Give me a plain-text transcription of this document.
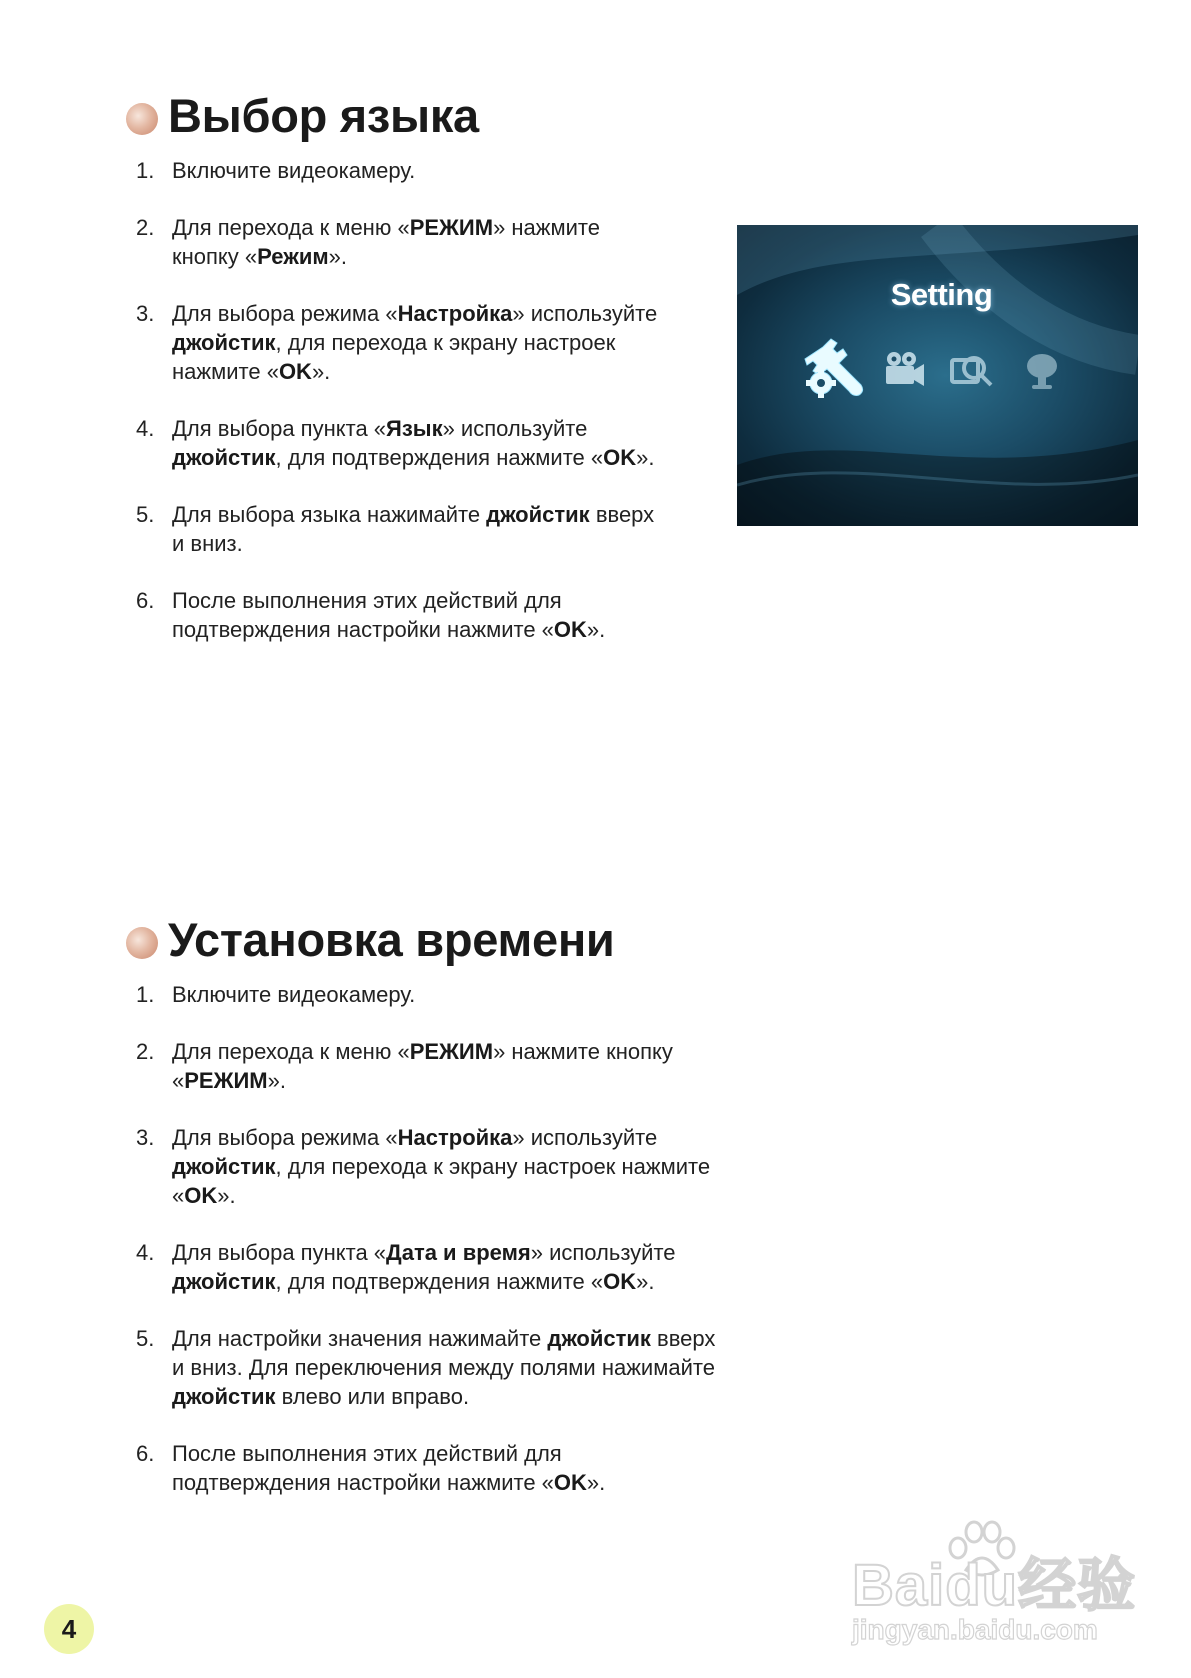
Выбор языка
1. Включите видеокамеру.
2. Для перехода к меню «РЕЖИМ» нажмите
кнопку «Режим».
3. Для выбора режима «Настройка» используйте
джойстик, для перехода к экрану настроек
нажмите «OK».
4. Для выбора пункта «Язык» используйте
джойстик, для подтверждения нажмите «OK».
5. Для выбора языка нажимайте джойстик вверх
и вниз.
6. После выполнения этих действий для
подтверждения настройки нажмите «OK».
Setting
Установка времени
1. Включите видеокамеру.
2. Для перехода к меню «РЕЖИМ» нажмите кнопку
«РЕЖИМ».
3. Для выбора режима «Настройка» используйте
джойстик, для перехода к экрану настроек нажмите
«OK».
4. Для выбора пункта «Дата и время» используйте
джойстик, для подтверждения нажмите «OK».
5. Для настройки значения нажимайте джойстик вверх
и вниз. Для переключения между полями нажимайте
джойстик влево или вправо.
6. После выполнения этих действий для
подтверждения настройки нажмите «OK».
4
Baidu经验
jingyan.baidu.com
